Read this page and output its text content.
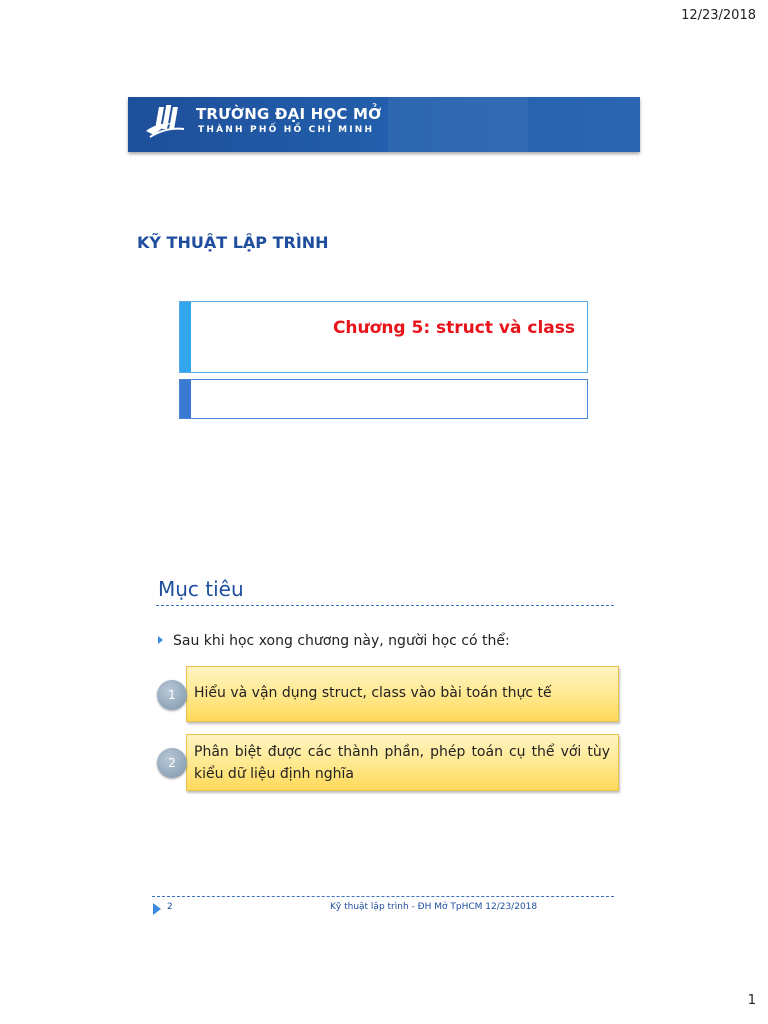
12/23/2018
TRƯỜNG ĐẠI HỌC MỞ
THÀNH PHỐ HỒ CHÍ MINH
KỸ THUẬT LẬP TRÌNH
Chương 5: struct và class
Mục tiêu
Sau khi học xong chương này, người học có thể:
Hiểu và vận dụng struct, class vào bài toán thực tế
1
Phân biệt được các thành phần, phép toán cụ thể với tùy kiểu dữ liệu định nghĩa
2
2	Kỹ thuật lập trình - ĐH Mở TpHCM 12/23/2018
1
